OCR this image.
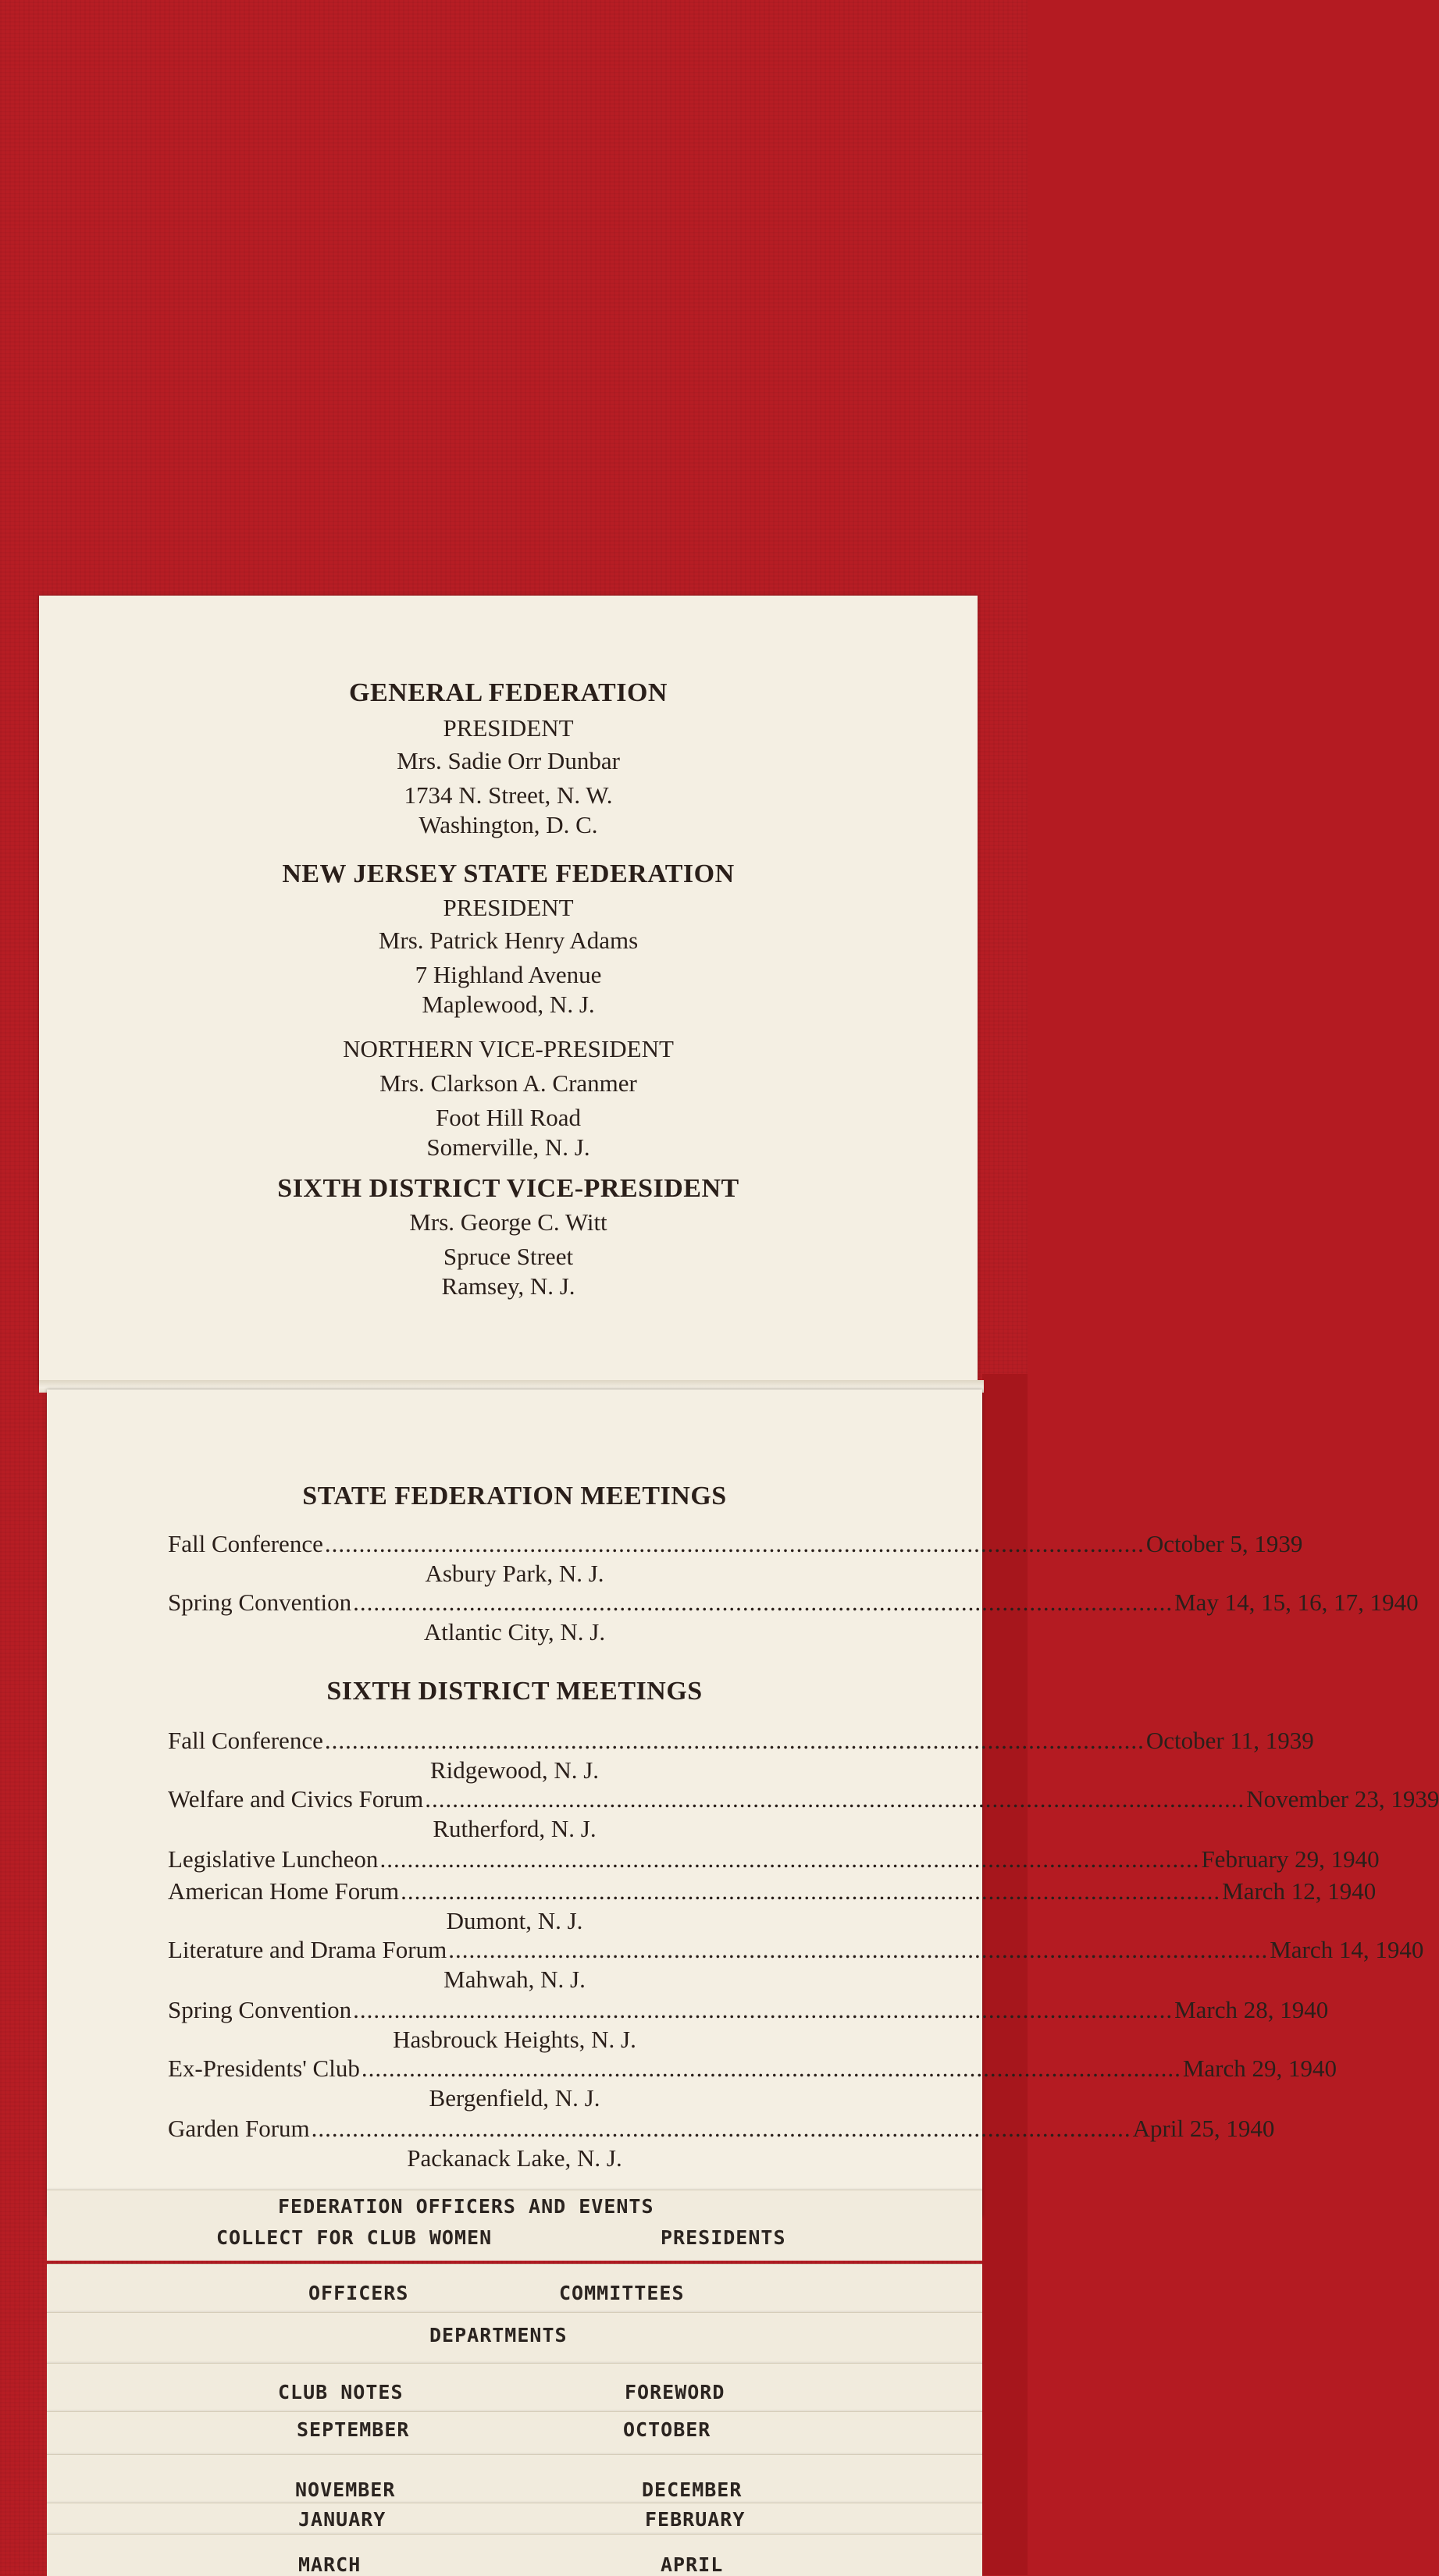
GENERAL FEDERATION

PRESIDENT

Mrs. Sadie Orr Dunbar

1734 N. Street, N. W.

Washington, D. C.

NEW JERSEY STATE FEDERATION

PRESIDENT

Mrs. Patrick Henry Adams

7 Highland Avenue

Maplewood, N. J.

NORTHERN VICE-PRESIDENT

Mrs. Clarkson A. Cranmer

Foot Hill Road

Somerville, N. J.

SIXTH DISTRICT VICE-PRESIDENT

Mrs. George C. Witt

Spruce Street

Ramsey, N. J.

STATE FEDERATION MEETINGS

Fall Conference ........................................................................................................................ October 5, 1939
Asbury Park, N. J.
Spring Convention ........................................................................................................................ May 14, 15, 16, 17, 1940
Atlantic City, N. J.

SIXTH DISTRICT MEETINGS

Fall Conference ........................................................................................................................ October 11, 1939
Ridgewood, N. J.
Welfare and Civics Forum ........................................................................................................................ November 23, 1939
Rutherford, N. J.
Legislative Luncheon ........................................................................................................................ February 29, 1940
American Home Forum ........................................................................................................................ March 12, 1940
Dumont, N. J.
Literature and Drama Forum ........................................................................................................................ March 14, 1940
Mahwah, N. J.
Spring Convention ........................................................................................................................ March 28, 1940
Hasbrouck Heights, N. J.
Ex-Presidents' Club ........................................................................................................................ March 29, 1940
Bergenfield, N. J.
Garden Forum ........................................................................................................................ April 25, 1940
Packanack Lake, N. J.
FEDERATION OFFICERS AND EVENTS
COLLECT FOR CLUB WOMEN	PRESIDENTS
OFFICERS	COMMITTEES
DEPARTMENTS
CLUB NOTES	FOREWORD
SEPTEMBER	OCTOBER
NOVEMBER	DECEMBER
JANUARY	FEBRUARY
MARCH	APRIL
